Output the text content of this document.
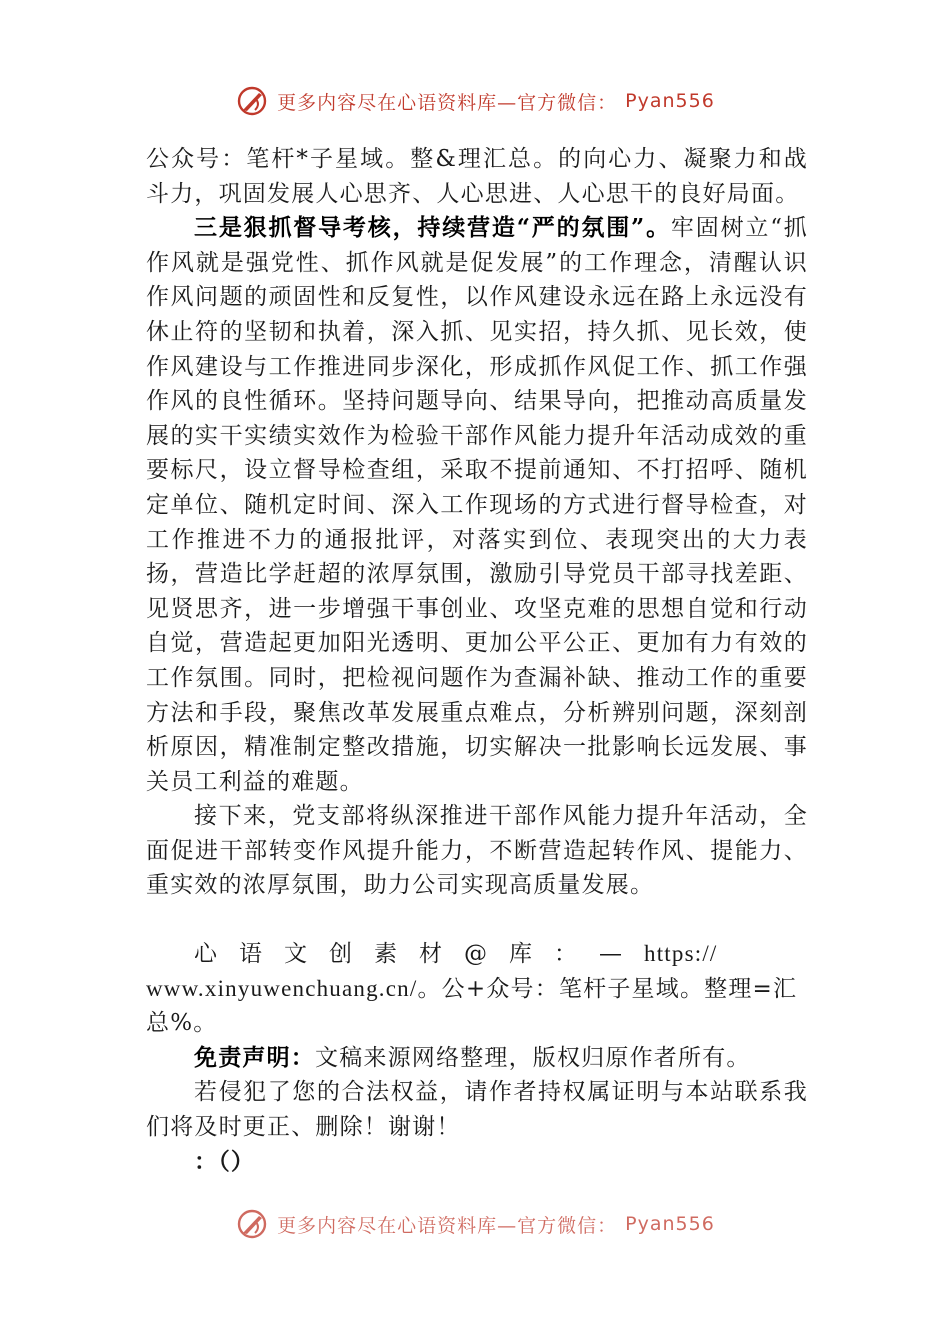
更多内容尽在心语资料库—官方微信： Pyan556

公众号：笔杆*子星域。整&理汇总。的向心力、凝聚力和战斗力，巩固发展人心思齐、人心思进、人心思干的良好局面。

三是狠抓督导考核，持续营造“严的氛围”。牢固树立“抓作风就是强党性、抓作风就是促发展”的工作理念，清醒认识作风问题的顽固性和反复性，以作风建设永远在路上永远没有休止符的坚韧和执着，深入抓、见实招，持久抓、见长效，使作风建设与工作推进同步深化，形成抓作风促工作、抓工作强作风的良性循环。坚持问题导向、结果导向，把推动高质量发展的实干实绩实效作为检验干部作风能力提升年活动成效的重要标尺，设立督导检查组，采取不提前通知、不打招呼、随机定单位、随机定时间、深入工作现场的方式进行督导检查，对工作推进不力的通报批评，对落实到位、表现突出的大力表扬，营造比学赶超的浓厚氛围，激励引导党员干部寻找差距、见贤思齐，进一步增强干事创业、攻坚克难的思想自觉和行动自觉，营造起更加阳光透明、更加公平公正、更加有力有效的工作氛围。同时，把检视问题作为查漏补缺、推动工作的重要方法和手段，聚焦改革发展重点难点，分析辨别问题，深刻剖析原因，精准制定整改措施，切实解决一批影响长远发展、事关员工利益的难题。

接下来，党支部将纵深推进干部作风能力提升年活动，全面促进干部转变作风提升能力，不断营造起转作风、提能力、重实效的浓厚氛围，助力公司实现高质量发展。

心语文创素材@库：—https://

www.xinyuwenchuang.cn/。公+众号：笔杆子星域。整理=汇总%。

免责声明：文稿来源网络整理，版权归原作者所有。

若侵犯了您的合法权益，请作者持权属证明与本站联系我们将及时更正、删除！谢谢！

：（）

更多内容尽在心语资料库—官方微信： Pyan556
